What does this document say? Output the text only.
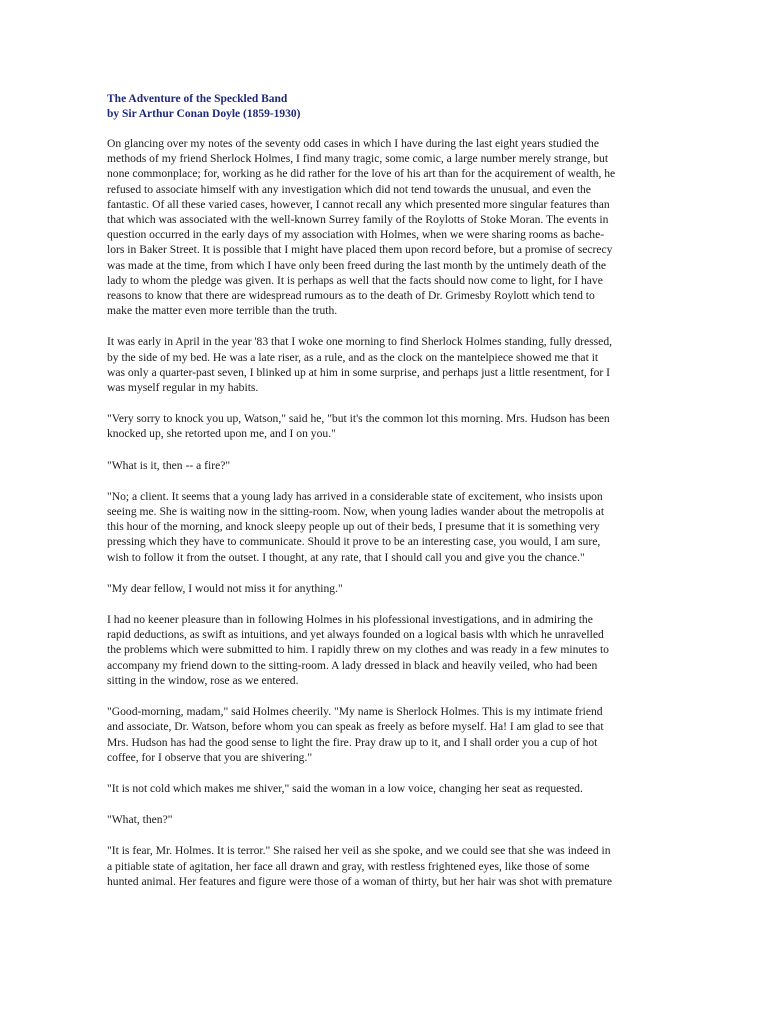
The Adventure of the Speckled Band
by Sir Arthur Conan Doyle (1859-1930)
On glancing over my notes of the seventy odd cases in which I have during the last eight years studied the
methods of my friend Sherlock Holmes, I find many tragic, some comic, a large number merely strange, but
none commonplace; for, working as he did rather for the love of his art than for the acquirement of wealth, he
refused to associate himself with any investigation which did not tend towards the unusual, and even the
fantastic. Of all these varied cases, however, I cannot recall any which presented more singular features than
that which was associated with the well-known Surrey family of the Roylotts of Stoke Moran. The events in
question occurred in the early days of my association with Holmes, when we were sharing rooms as bache-
lors in Baker Street. It is possible that I might have placed them upon record before, but a promise of secrecy
was made at the time, from which I have only been freed during the last month by the untimely death of the
lady to whom the pledge was given. It is perhaps as well that the facts should now come to light, for I have
reasons to know that there are widespread rumours as to the death of Dr. Grimesby Roylott which tend to
make the matter even more terrible than the truth.
It was early in April in the year '83 that I woke one morning to find Sherlock Holmes standing, fully dressed,
by the side of my bed. He was a late riser, as a rule, and as the clock on the mantelpiece showed me that it
was only a quarter-past seven, I blinked up at him in some surprise, and perhaps just a little resentment, for I
was myself regular in my habits.
"Very sorry to knock you up, Watson," said he, "but it's the common lot this morning. Mrs. Hudson has been
knocked up, she retorted upon me, and I on you."
"What is it, then -- a fire?"
"No; a client. It seems that a young lady has arrived in a considerable state of excitement, who insists upon
seeing me. She is waiting now in the sitting-room. Now, when young ladies wander about the metropolis at
this hour of the morning, and knock sleepy people up out of their beds, I presume that it is something very
pressing which they have to communicate. Should it prove to be an interesting case, you would, I am sure,
wish to follow it from the outset. I thought, at any rate, that I should call you and give you the chance."
"My dear fellow, I would not miss it for anything."
I had no keener pleasure than in following Holmes in his plofessional investigations, and in admiring the
rapid deductions, as swift as intuitions, and yet always founded on a logical basis wlth which he unravelled
the problems which were submitted to him. I rapidly threw on my clothes and was ready in a few minutes to
accompany my friend down to the sitting-room. A lady dressed in black and heavily veiled, who had been
sitting in the window, rose as we entered.
"Good-morning, madam," said Holmes cheerily. "My name is Sherlock Holmes. This is my intimate friend
and associate, Dr. Watson, before whom you can speak as freely as before myself. Ha! I am glad to see that
Mrs. Hudson has had the good sense to light the fire. Pray draw up to it, and I shall order you a cup of hot
coffee, for I observe that you are shivering."
"It is not cold which makes me shiver," said the woman in a low voice, changing her seat as requested.
"What, then?"
"It is fear, Mr. Holmes. It is terror." She raised her veil as she spoke, and we could see that she was indeed in
a pitiable state of agitation, her face all drawn and gray, with restless frightened eyes, like those of some
hunted animal. Her features and figure were those of a woman of thirty, but her hair was shot with premature
